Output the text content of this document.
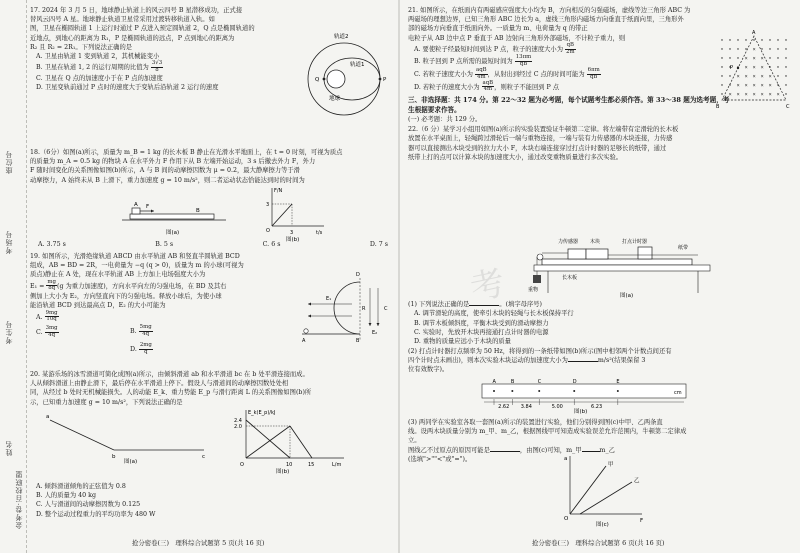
座位号
考场号
考生号
姓名
金考卷·百校联盟

17. 2024 年 3 月 5 日，地球静止轨道上的风云四号 B 星潜移成功，正式接

替风云四号 A 星。地球静止轨道卫星常采用过渡转移轨道入轨。如

图，卫星在椭圆轨道 1 上运行时通过 P 点进入预定圆轨道 2，Q 点是椭圆轨道的

近地点，到地心的距离为 R₁，P 是椭圆轨道的远点，P 点到地心的距离为

R₂ 且 R₂ = 2R₁。下列说法正确的是

A. 卫星由轨道 1 变到轨道 2，其机械能变小

B. 卫星在轨道 1, 2 的运行周期的比值为 $\frac{3√3}{8}$

C. 卫星在 Q 点的加速度小于在 P 点的加速度

D. 卫星变轨前通过 P 点时的速度大于变轨后沿轨道 2 运行的速度

轨道2
轨道1
P
Q
地球

18.（6分）如图(a)所示，质量为 m_B = 1 kg 的长木板 B 静止在光滑水平地面上，在 t = 0 时刻，可视为质点

的质量为 m_A = 0.5 kg 的物块 A 在水平外力 F 作用下从 B 左端开始运动，3 s 后撤去外力 F，外力

F 随时间变化的关系图像如图(b)所示，A 与 B 间的动摩擦因数为 μ = 0.2，最大静摩擦力等于滑

动摩擦力，A 始终未从 B 上滑下，重力加速度 g = 10 m/s²，则二者运动状态恰能达到时的时间为

A F
B
图(a)
F/N
t/s
3
3
O
图(b)
A. 3.75 s	B. 5 s	C. 6 s	D. 7 s

19. 如图所示，光滑绝缘轨道 ABCD 由水平轨道 AB 和竖直半圆轨道 BCD

组成，AB = BD = 2R，一电荷量为 −q (q > 0)，质量为 m 的小球(可视为

质点)静止在 A 处，现在水平轨道 AB 上方加上电场强度大小为

$E_1 = \frac{mg}{8q} (g$ 为重力加速度)，方向水平向左的匀强电场，在 BD 及其右

侧加上大小为 E₂，方向竖直向下的匀强电场。释放小球后，为使小球

能沿轨道 BCD 到达最高点 D，E₂ 的大小可能为

A. $\frac{9mg}{10q}$
B. $\frac{5mg}{4q}$
C. $\frac{3mg}{4q}$
D. $\frac{2mg}{q}$
A	B
C
D
E₁
E₂
R

20. 某游乐场的冰雪滑道可简化成图(a)所示，由倾斜滑道 ab 和水平滑道 bc 在 b 处平滑连接而成。

人从倾斜滑道上由静止滑下，最后停在水平滑道上停下。假设人与滑道间的动摩擦因数处处相

同，从经过 b 处时无机械能损失。人的动能 E_k、重力势能 E_p 与滑行距离 L 的关系图像如图(b)所

示，已知重力加速度 g = 10 m/s²，下列说法正确的是

a
b	c
图(a)
E_k(E_p)/kJ
L/m
2.4
2.0
10	15
O
图(b)

A. 倾斜滑道倾角的正弦值为 0.8

B. 人的质量为 40 kg

C. 人与滑道间的动摩擦因数为 0.125

D. 整个运动过程重力的平均功率为 480 W

抢分密卷(三)　理科综合试题第 5 页(共 16 页)

21. 如图所示，在纸面内有两磁感应强度大小均为 B，方向相反的匀强磁场，虚线等边三角形 ABC 为

两磁场的理想边界，已知三角形 ABC 边长为 a，虚线三角形内磁场方向垂直于纸面向里，三角形外

部的磁场方向垂直于纸面向外。一质量为 m、电荷量为 q 的带正

电粒子从 AB 边中点 P 垂直于 AB 边射向三角形外部磁场，不计粒子重力，则

A. 要使粒子经最短时间到达 P 点，粒子的速度大小为 $\frac{qB}{2m}$

B. 粒子回到 P 点所需的最短时间为 $\frac{13\pi m}{qB}$

C. 若粒子速度大小为 $\frac{\text{aqB}}{4m}$ ，从射出到经过 C 点的时间可能为 $\frac{6\pi m}{qB}$

D. 若粒子的速度大小为 $\frac{\text{aqB}}{4m}$ ，则粒子不能回到 P 点

三、非选择题：共 174 分。第 22～32 题为必考题，每个试题考生都必须作答。第 33～38 题为选考题，考

生根据要求作答。

(一) 必考题：共 129 分。

22.（6 分）某学习小组用如图(a)所示的实验装置验证牛顿第二定律。将左端带有定滑轮的长木板

放置在水平桌面上，轻绳跨过滑轮后一端与重物连接，一端与装有力传感器的木块连接，力传感

器可以直接测出木块受到的拉力大小 F，木块右端连接穿过打点计时器的足够长的纸带，通过

纸带上打的点可以计算木块的加速度大小，通过改变重物质量进行多次实验。

×
× × ×
× × ×
× × × × ×
× × × × ×
× × × × × × ×
A
B	C
P
力传感器 木块	打点计时器
纸带
长木板
重物
图(a)

(1) 下列说法正确的是	。(填字母序号)

A. 调节滑轮的高度，使牵引木块的轻绳与长木板保持平行

B. 调节木板倾斜度，平衡木块受到的滑动摩擦力

C. 实验时，先放开木块再接通打点计时器的电源

D. 重物的质量应远小于木块的质量

(2) 打点计时器打点频率为 50 Hz，将得到的一条纸带如图(b)所示(图中相邻两个计数点间还有

四个计时点未画出)，则本次实验木块运动的加速度大小为	m/s²(结果保留 3

位有效数字)。

A	B	C	D	E
2.62 3.84	5.00	6.23
cm
图(b)

(3) 两同学在实验室各取一套图(a)所示的装置进行实验，他们分别得到图(c)中甲、乙两条直

线。设两木块质量分别为 m_甲、m_乙，根据图线甲可知造成实验误差允许范围内，牛顿第二定律成立。

图线乙不过原点的原因可能是	，由图(c)可知，m_甲	m_乙

(选填">""<"或"=")。

甲
乙
a
F
O
图(c)
考
抢分密卷(三)　理科综合试题第 6 页(共 16 页)
